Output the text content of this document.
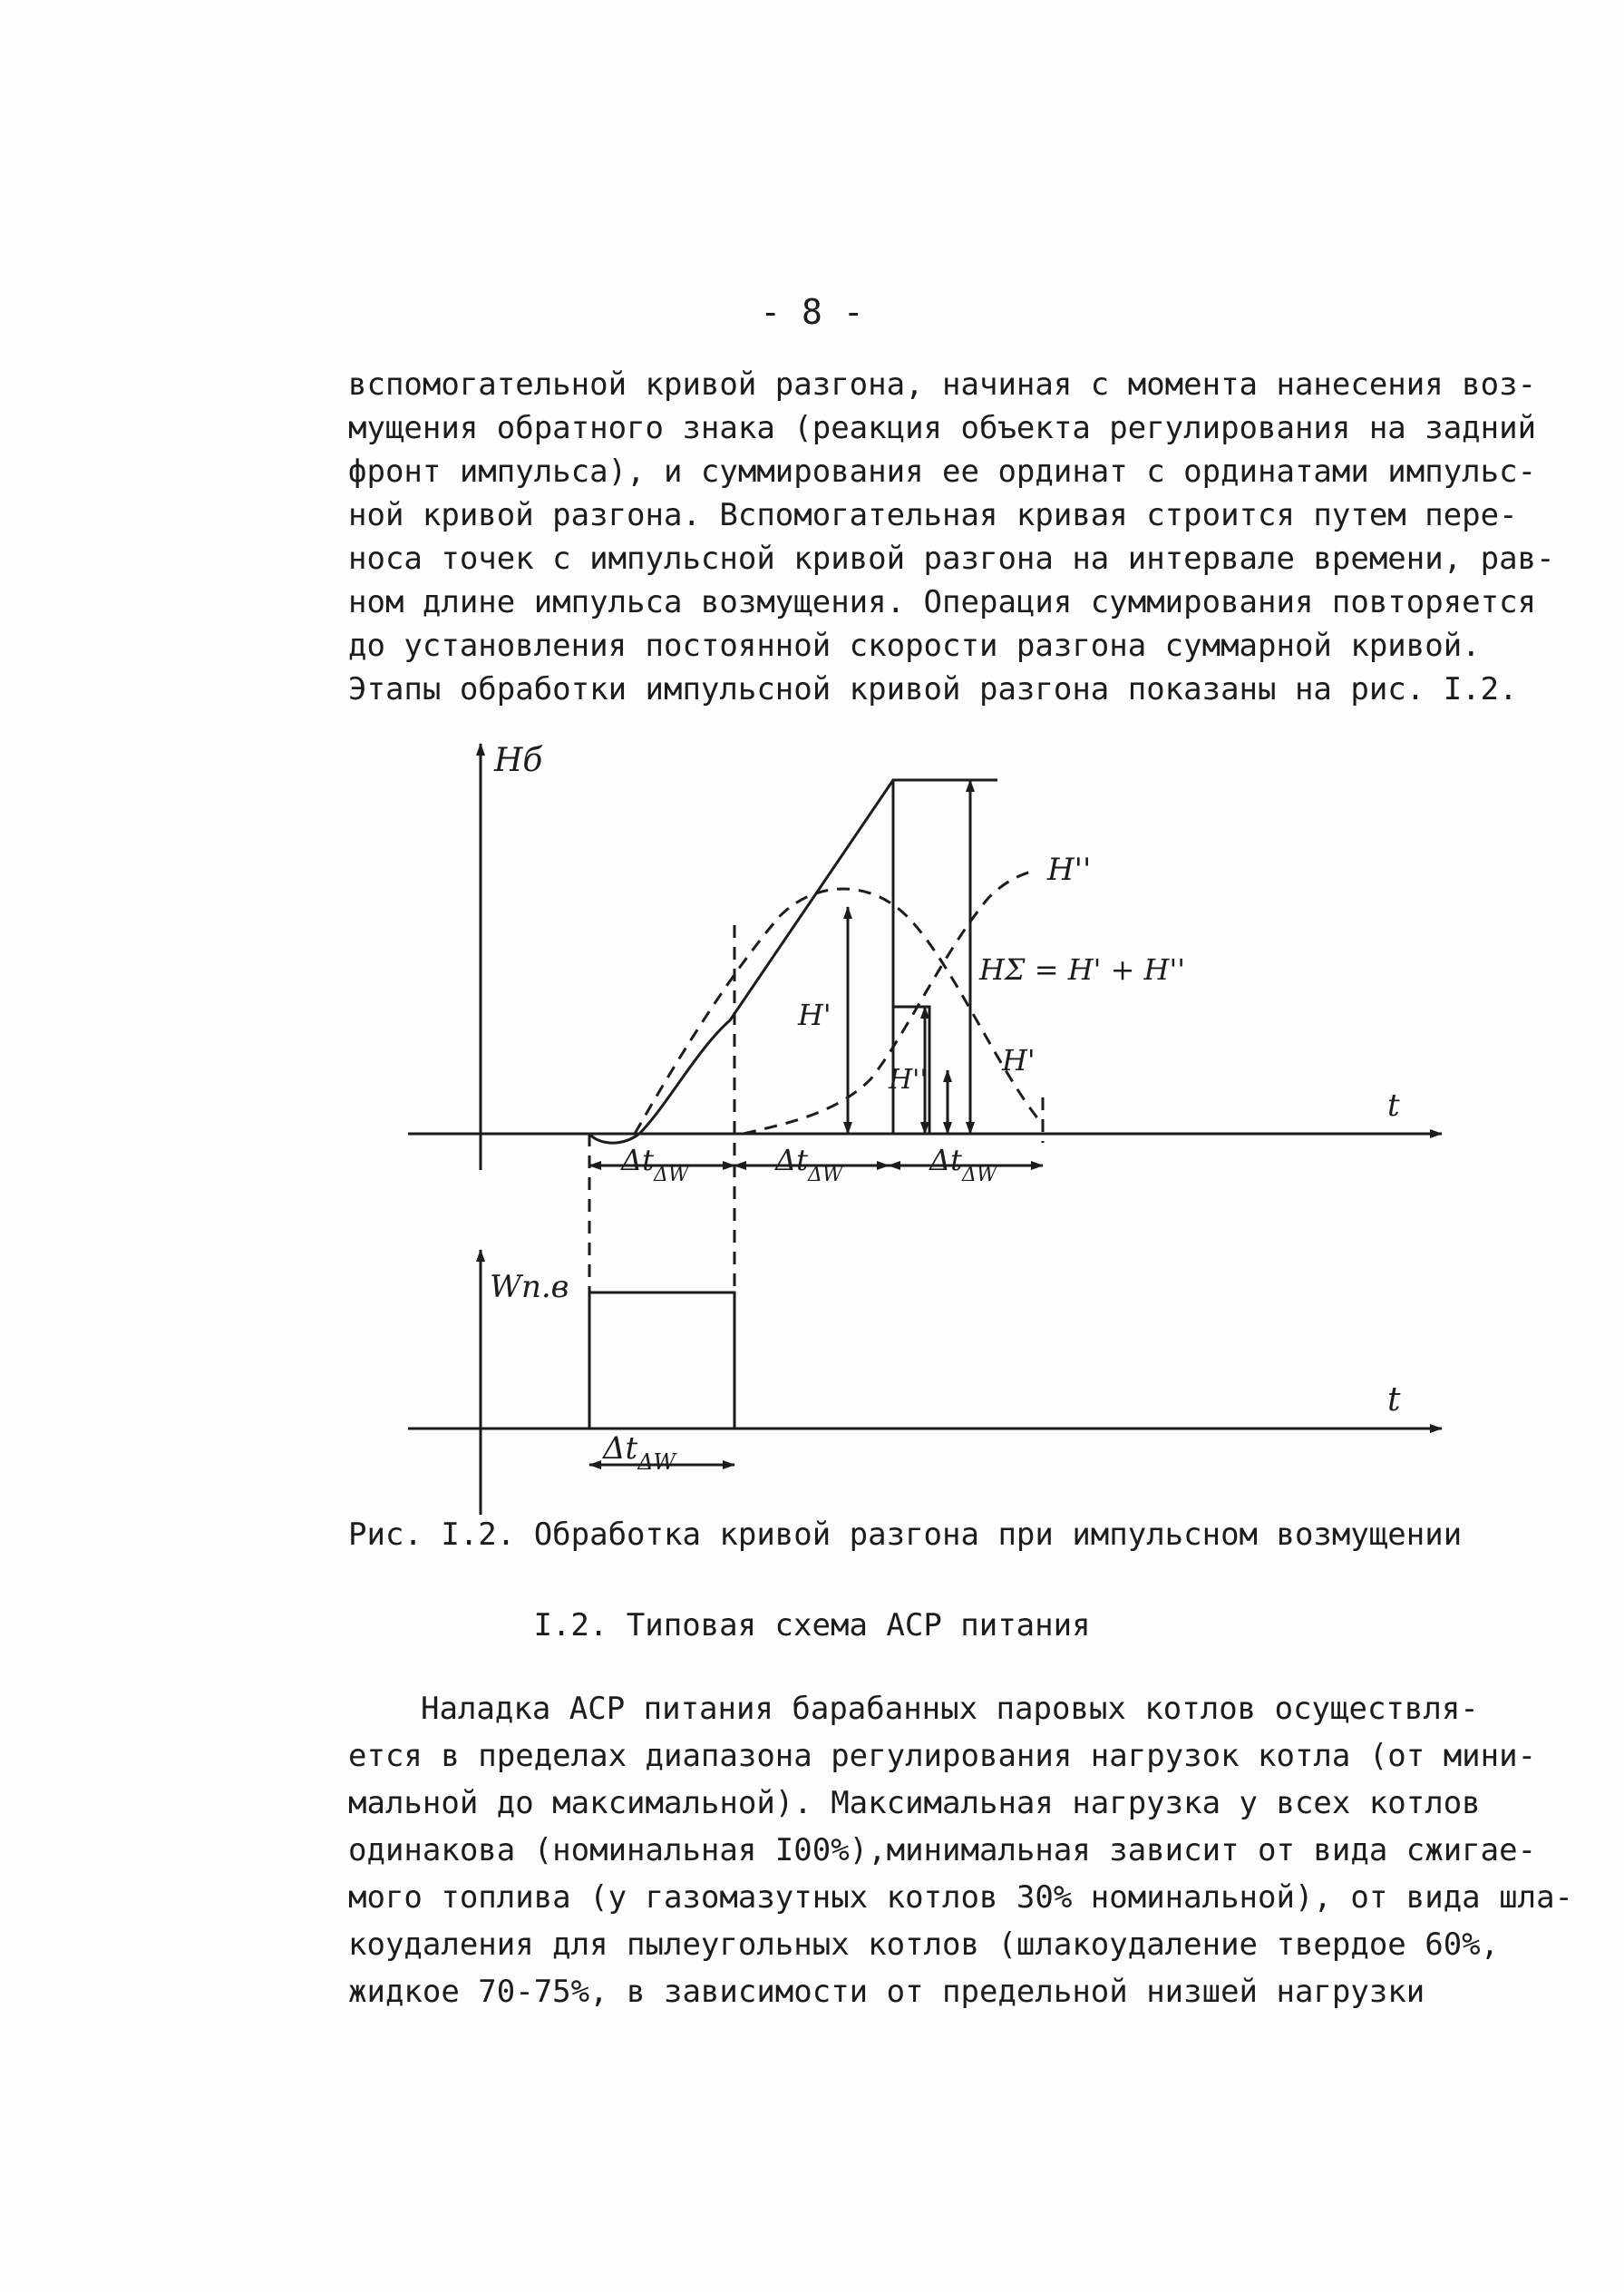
- 8 -
вспомогательной кривой разгона, начиная с момента нанесения воз-
мущения обратного знака (реакция объекта регулирования на задний
фронт импульса), и суммирования ее ординат с ординатами импульс-
ной кривой разгона. Вспомогательная кривая строится путем пере-
носа точек с импульсной кривой разгона на интервале времени, рав-
ном длине импульса возмущения. Операция суммирования повторяется
до установления постоянной скорости разгона суммарной кривой.
Этапы обработки импульсной кривой разгона показаны на рис. I.2.
Hб
H''
HΣ = H' + H''
H'
H'
H''
t
$\Delta t_{\Delta W}$	$\Delta t_{\Delta W}$	$\Delta t_{\Delta W}$
Wп.в
t
$\Delta t_{\Delta W}$
Рис. I.2. Обработка кривой разгона при импульсном возмущении
I.2. Типовая схема АСР питания
Наладка АСР питания барабанных паровых котлов осуществля-
ется в пределах диапазона регулирования нагрузок котла (от мини-
мальной до максимальной). Максимальная нагрузка у всех котлов
одинакова (номинальная I00%),минимальная зависит от вида сжигае-
мого топлива (у газомазутных котлов 30% номинальной), от вида шла-
коудаления для пылеугольных котлов (шлакоудаление твердое 60%,
жидкое 70-75%, в зависимости от предельной низшей нагрузки
